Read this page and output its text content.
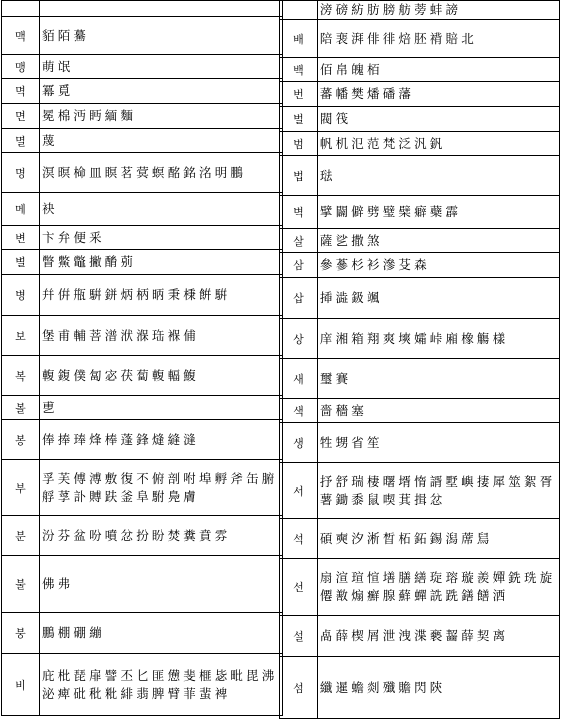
맥	貊陌驀
맹	萌氓
멱	冪覓
면	冕棉沔眄緬麵
멸	蔑
명	溟暝椧皿瞑茗蓂螟酩銘洺明鵬
메	袂
변	卞弁便釆
별	瞥鱉鼈撇酳莂
병	幷倂甁騈鉼炳柄昞秉棅餠騈
보	堡甫輔菩潽洑湺珤褓俌
복	輹鍑僕匐宓茯蔔輹輻鰒
볼	乶
봉	俸捧琫烽棒蓬鋒熢縫漨
부	孚芙傅溥敷復不俯剖咐埠孵斧缶腑艀莩訃賻趺釜阜駙鳧膚
분	汾芬盆吩噴忿扮盼焚糞賁雰
불	佛弗
붕	鵬棚硼繃
비	庇枇琵扉譬丕匕匪憊斐榧毖毗毘沸泌痺砒秕粃緋翡脾臂菲蜚裨
	滂磅紡肪膀舫蒡蚌謗
배	陪裵湃俳徘焙胚褙賠北
백	佰帛魄栢
번	蕃幡樊燔磻藩
벌	閥筏
범	帆机氾范梵泛汎釩
법	琺
벽	擘闢僻劈璧檗癖蘗霹
살	薩乷撒煞
삼	參蔘杉衫滲芟森
삽	揷澁鈒颯
상	庠湘箱翔爽塽孀峠廂橡觴樣
새	璽賽
색	嗇穡塞
생	牲甥省笙
서	抒舒瑞棲曙壻惰諝墅嶼捿犀筮絮胥薯鋤黍鼠喫萁揖忿
석	碩奭汐淅晳柘鉐錫潟蓆舃
선	扇渲瑄愃墡膳繕琁瑢璇羨嬋銑珗旋僊敾煽癬腺蘚蟬詵跣鐥饍洒
설	卨薛楔屑泄洩渫褻齧薛契离
섬	纖暹蟾剡殲贍閃陝
